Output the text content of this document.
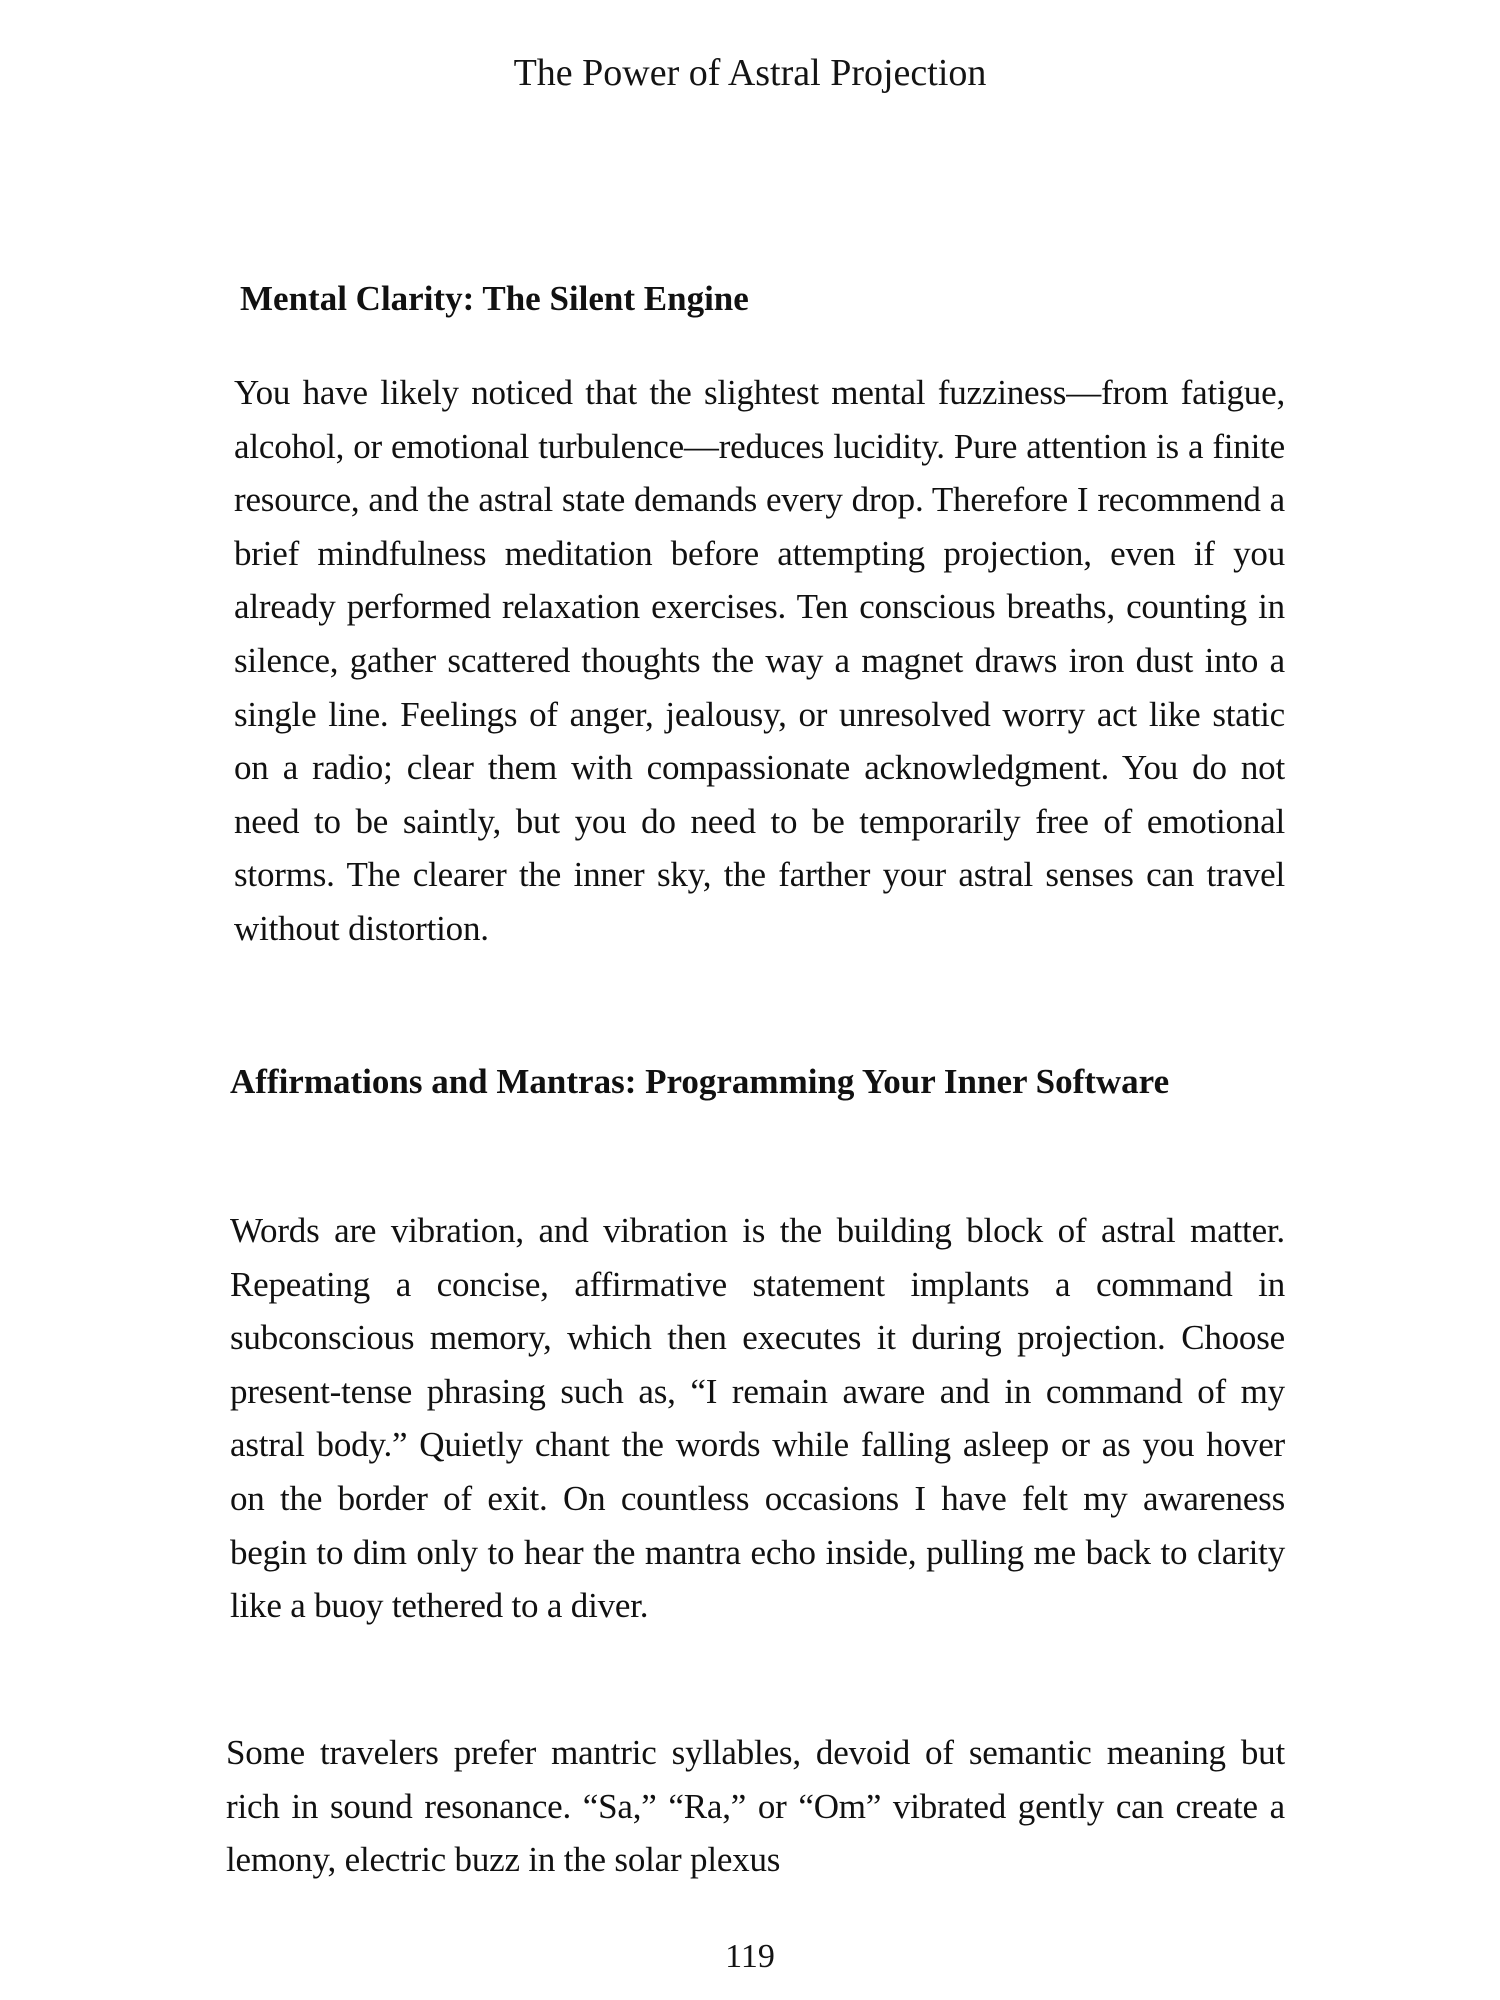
The Power of Astral Projection
Mental Clarity: The Silent Engine

You have likely noticed that the slightest mental fuzziness—from fatigue, alcohol, or emotional turbulence—reduces lucidity. Pure attention is a finite resource, and the astral state demands every drop. Therefore I recommend a brief mindfulness meditation before attempting projection, even if you already performed relaxation exercises. Ten conscious breaths, counting in silence, gather scattered thoughts the way a magnet draws iron dust into a single line. Feelings of anger, jealousy, or unresolved worry act like static on a radio; clear them with compassionate acknowledgment. You do not need to be saintly, but you do need to be temporarily free of emotional storms. The clearer the inner sky, the farther your astral senses can travel without distortion.

Affirmations and Mantras: Programming Your Inner Software

Words are vibration, and vibration is the building block of astral matter. Repeating a concise, affirmative statement implants a command in subconscious memory, which then executes it during projection. Choose present-tense phrasing such as, “I remain aware and in command of my astral body.” Quietly chant the words while falling asleep or as you hover on the border of exit. On countless occasions I have felt my awareness begin to dim only to hear the mantra echo inside, pulling me back to clarity like a buoy tethered to a diver.

Some travelers prefer mantric syllables, devoid of semantic meaning but rich in sound resonance. “Sa,” “Ra,” or “Om” vibrated gently can create a lemony, electric buzz in the solar plexus

119
